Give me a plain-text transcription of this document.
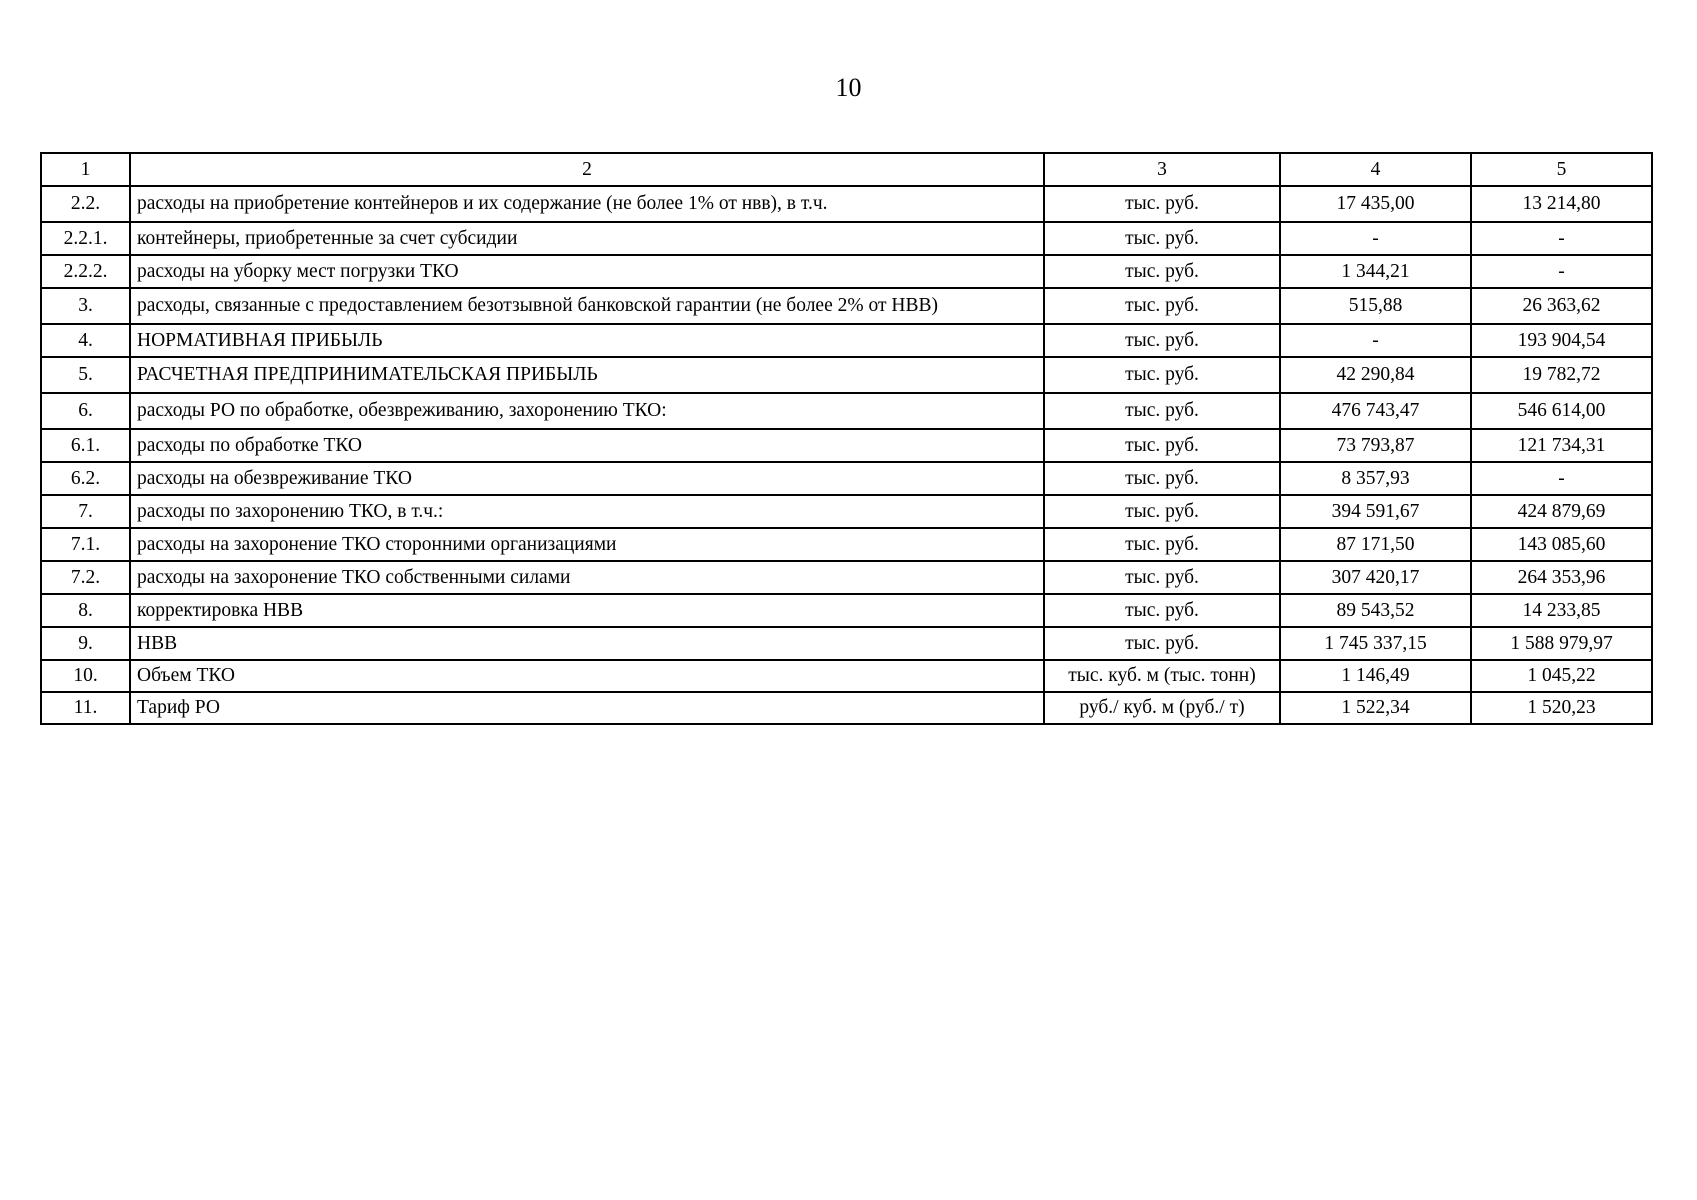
10
1	2	3	4	5
2.2.	расходы на приобретение контейнеров и их содержание (не более 1% от нвв), в т.ч.	тыс. руб.	17 435,00	13 214,80
2.2.1.	контейнеры, приобретенные за счет субсидии	тыс. руб.	-	-
2.2.2.	расходы на уборку мест погрузки ТКО	тыс. руб.	1 344,21	-
3.	расходы, связанные с предоставлением безотзывной банковской гарантии (не более 2% от НВВ)	тыс. руб.	515,88	26 363,62
4.	НОРМАТИВНАЯ ПРИБЫЛЬ	тыс. руб.	-	193 904,54
5.	РАСЧЕТНАЯ ПРЕДПРИНИМАТЕЛЬСКАЯ ПРИБЫЛЬ	тыс. руб.	42 290,84	19 782,72
6.	расходы РО по обработке, обезвреживанию, захоронению ТКО:	тыс. руб.	476 743,47	546 614,00
6.1.	расходы по обработке ТКО	тыс. руб.	73 793,87	121 734,31
6.2.	расходы на обезвреживание ТКО	тыс. руб.	8 357,93	-
7.	расходы по захоронению ТКО, в т.ч.:	тыс. руб.	394 591,67	424 879,69
7.1.	расходы на захоронение ТКО сторонними организациями	тыс. руб.	87 171,50	143 085,60
7.2.	расходы на захоронение ТКО собственными силами	тыс. руб.	307 420,17	264 353,96
8.	корректировка НВВ	тыс. руб.	89 543,52	14 233,85
9.	НВВ	тыс. руб.	1 745 337,15	1 588 979,97
10.	Объем ТКО	тыс. куб. м (тыс. тонн)	1 146,49	1 045,22
11.	Тариф РО	руб./ куб. м (руб./ т)	1 522,34	1 520,23
